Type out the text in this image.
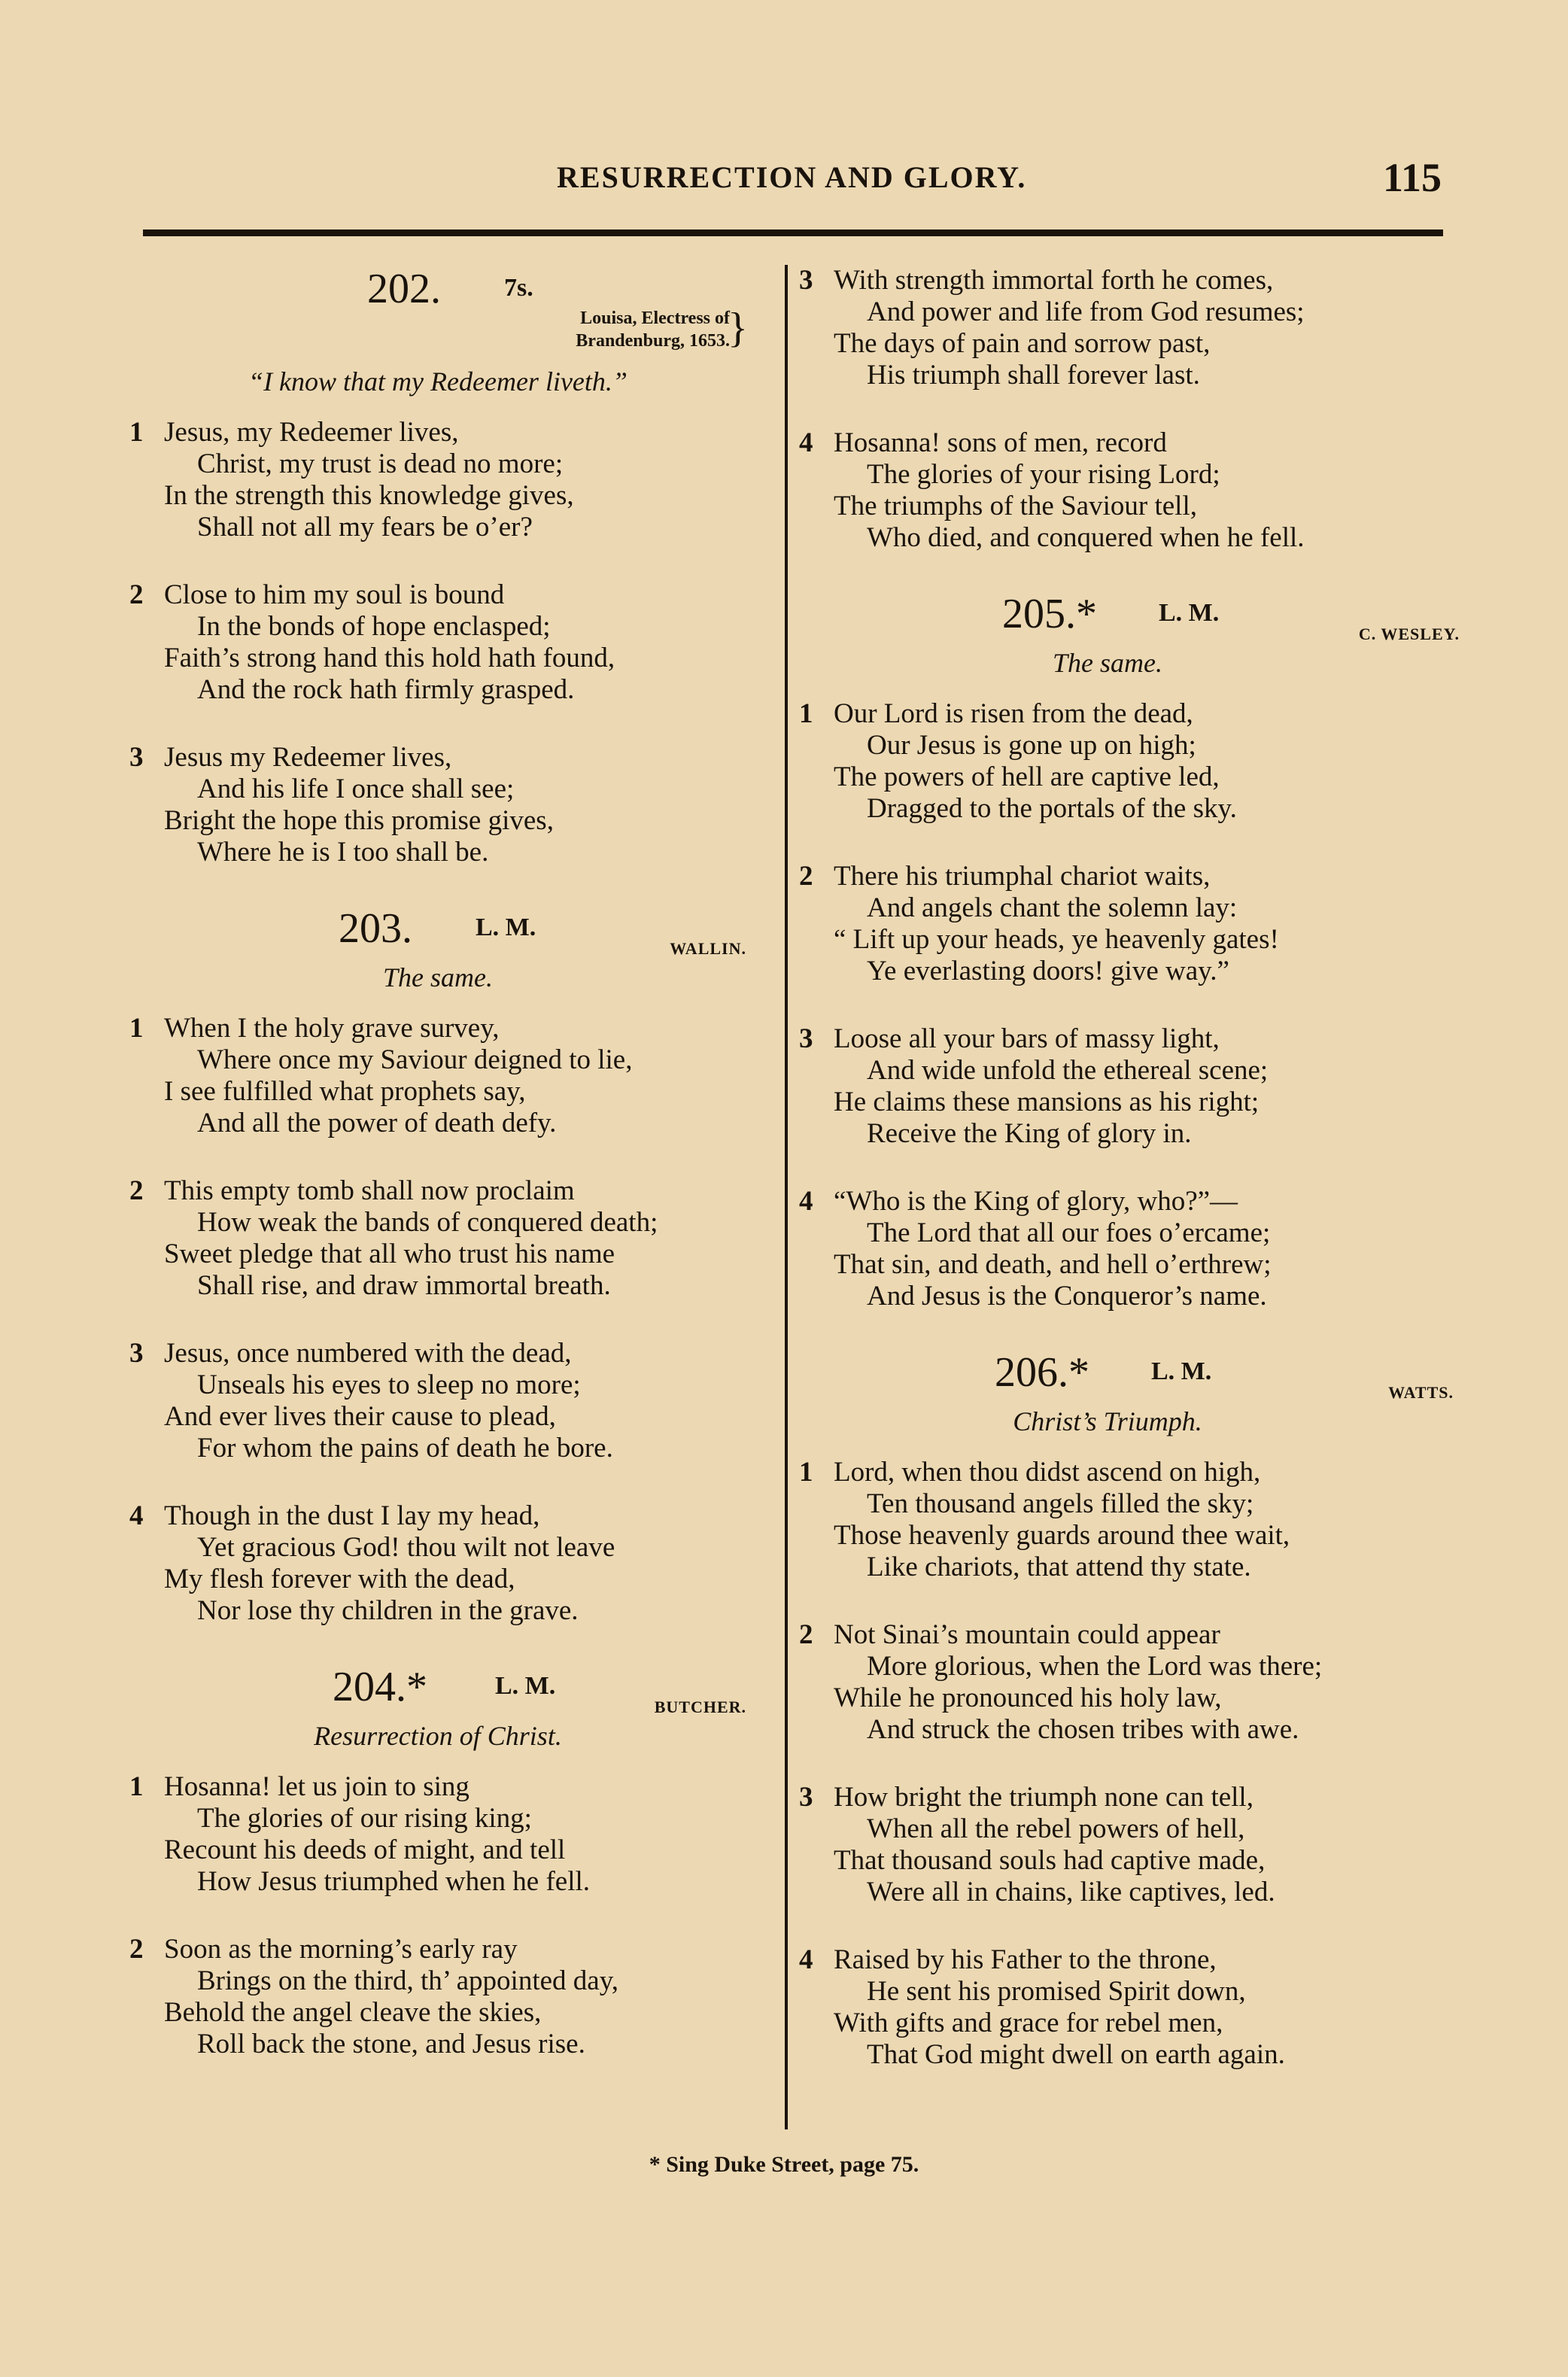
RESURRECTION AND GLORY.	115
202. 7s.
Louisa, Electress of
Brandenburg, 1653.
}
“I know that my Redeemer liveth.”
1 Jesus, my Redeemer lives,
Christ, my trust is dead no more;
In the strength this knowledge gives,
Shall not all my fears be o’er?
2 Close to him my soul is bound
In the bonds of hope enclasped;
Faith’s strong hand this hold hath found,
And the rock hath firmly grasped.
3 Jesus my Redeemer lives,
And his life I once shall see;
Bright the hope this promise gives,
Where he is I too shall be.
203. L. M.
WALLIN.
The same.
1 When I the holy grave survey,
Where once my Saviour deigned to lie,
I see fulfilled what prophets say,
And all the power of death defy.
2 This empty tomb shall now proclaim
How weak the bands of conquered death;
Sweet pledge that all who trust his name
Shall rise, and draw immortal breath.
3 Jesus, once numbered with the dead,
Unseals his eyes to sleep no more;
And ever lives their cause to plead,
For whom the pains of death he bore.
4 Though in the dust I lay my head,
Yet gracious God! thou wilt not leave
My flesh forever with the dead,
Nor lose thy children in the grave.
204.*	L. M.
BUTCHER.
Resurrection of Christ.
1 Hosanna! let us join to sing
The glories of our rising king;
Recount his deeds of might, and tell
How Jesus triumphed when he fell.
2 Soon as the morning’s early ray
Brings on the third, th’ appointed day,
Behold the angel cleave the skies,
Roll back the stone, and Jesus rise.
3 With strength immortal forth he comes,
And power and life from God resumes;
The days of pain and sorrow past,
His triumph shall forever last.
4 Hosanna! sons of men, record
The glories of your rising Lord;
The triumphs of the Saviour tell,
Who died, and conquered when he fell.
205.* L. M.
C. WESLEY.
The same.
1 Our Lord is risen from the dead,
Our Jesus is gone up on high;
The powers of hell are captive led,
Dragged to the portals of the sky.
2 There his triumphal chariot waits,
And angels chant the solemn lay:
“ Lift up your heads, ye heavenly gates!
Ye everlasting doors! give way.”
3 Loose all your bars of massy light,
And wide unfold the ethereal scene;
He claims these mansions as his right;
Receive the King of glory in.
4 “Who is the King of glory, who?”—
The Lord that all our foes o’ercame;
That sin, and death, and hell o’erthrew;
And Jesus is the Conqueror’s name.
206.* L. M.
WATTS.
Christ’s Triumph.
1 Lord, when thou didst ascend on high,
Ten thousand angels filled the sky;
Those heavenly guards around thee wait,
Like chariots, that attend thy state.
2 Not Sinai’s mountain could appear
More glorious, when the Lord was there;
While he pronounced his holy law,
And struck the chosen tribes with awe.
3 How bright the triumph none can tell,
When all the rebel powers of hell,
That thousand souls had captive made,
Were all in chains, like captives, led.
4 Raised by his Father to the throne,
He sent his promised Spirit down,
With gifts and grace for rebel men,
That God might dwell on earth again.
* Sing Duke Street, page 75.
